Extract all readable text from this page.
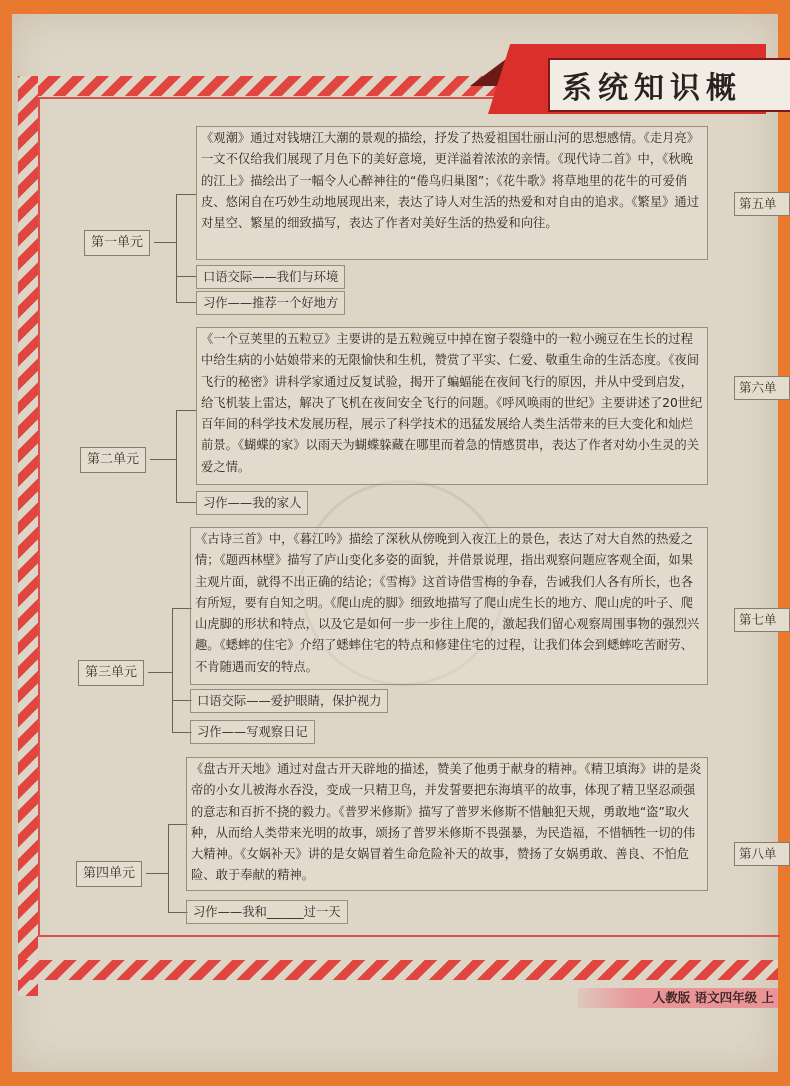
系统知识概
第一单元
《观潮》通过对钱塘江大潮的景观的描绘，抒发了热爱祖国壮丽山河的思想感情。《走月亮》一文不仅给我们展现了月色下的美好意境，更洋溢着浓浓的亲情。《现代诗二首》中，《秋晚的江上》描绘出了一幅令人心醉神往的“倦鸟归巢图”；《花牛歌》将草地里的花牛的可爱俏皮、悠闲自在巧妙生动地展现出来，表达了诗人对生活的热爱和对自由的追求。《繁星》通过对星空、繁星的细致描写，表达了作者对美好生活的热爱和向往。
口语交际——我们与环境
习作——推荐一个好地方
第二单元
《一个豆荚里的五粒豆》主要讲的是五粒豌豆中掉在窗子裂缝中的一粒小豌豆在生长的过程中给生病的小姑娘带来的无限愉快和生机，赞赏了平实、仁爱、敬重生命的生活态度。《夜间飞行的秘密》讲科学家通过反复试验，揭开了蝙蝠能在夜间飞行的原因，并从中受到启发，给飞机装上雷达，解决了飞机在夜间安全飞行的问题。《呼风唤雨的世纪》主要讲述了20世纪百年间的科学技术发展历程，展示了科学技术的迅猛发展给人类生活带来的巨大变化和灿烂前景。《蝴蝶的家》以雨天为蝴蝶躲藏在哪里而着急的情感贯串，表达了作者对幼小生灵的关爱之情。
习作——我的家人
第三单元
《古诗三首》中，《暮江吟》描绘了深秋从傍晚到入夜江上的景色，表达了对大自然的热爱之情；《题西林壁》描写了庐山变化多姿的面貌，并借景说理，指出观察问题应客观全面，如果主观片面，就得不出正确的结论；《雪梅》这首诗借雪梅的争春，告诫我们人各有所长，也各有所短，要有自知之明。《爬山虎的脚》细致地描写了爬山虎生长的地方、爬山虎的叶子、爬山虎脚的形状和特点，以及它是如何一步一步往上爬的，激起我们留心观察周围事物的强烈兴趣。《蟋蟀的住宅》介绍了蟋蟀住宅的特点和修建住宅的过程，让我们体会到蟋蟀吃苦耐劳、不肯随遇而安的特点。
口语交际——爱护眼睛，保护视力
习作——写观察日记
第四单元
《盘古开天地》通过对盘古开天辟地的描述，赞美了他勇于献身的精神。《精卫填海》讲的是炎帝的小女儿被海水吞没，变成一只精卫鸟，并发誓要把东海填平的故事，体现了精卫坚忍顽强的意志和百折不挠的毅力。《普罗米修斯》描写了普罗米修斯不惜触犯天规，勇敢地“盗”取火种，从而给人类带来光明的故事，颂扬了普罗米修斯不畏强暴，为民造福，不惜牺牲一切的伟大精神。《女娲补天》讲的是女娲冒着生命危险补天的故事，赞扬了女娲勇敢、善良、不怕危险、敢于奉献的精神。
习作——我和______过一天
第五单
第六单
第七单
第八单
人教版 语文四年级 上
